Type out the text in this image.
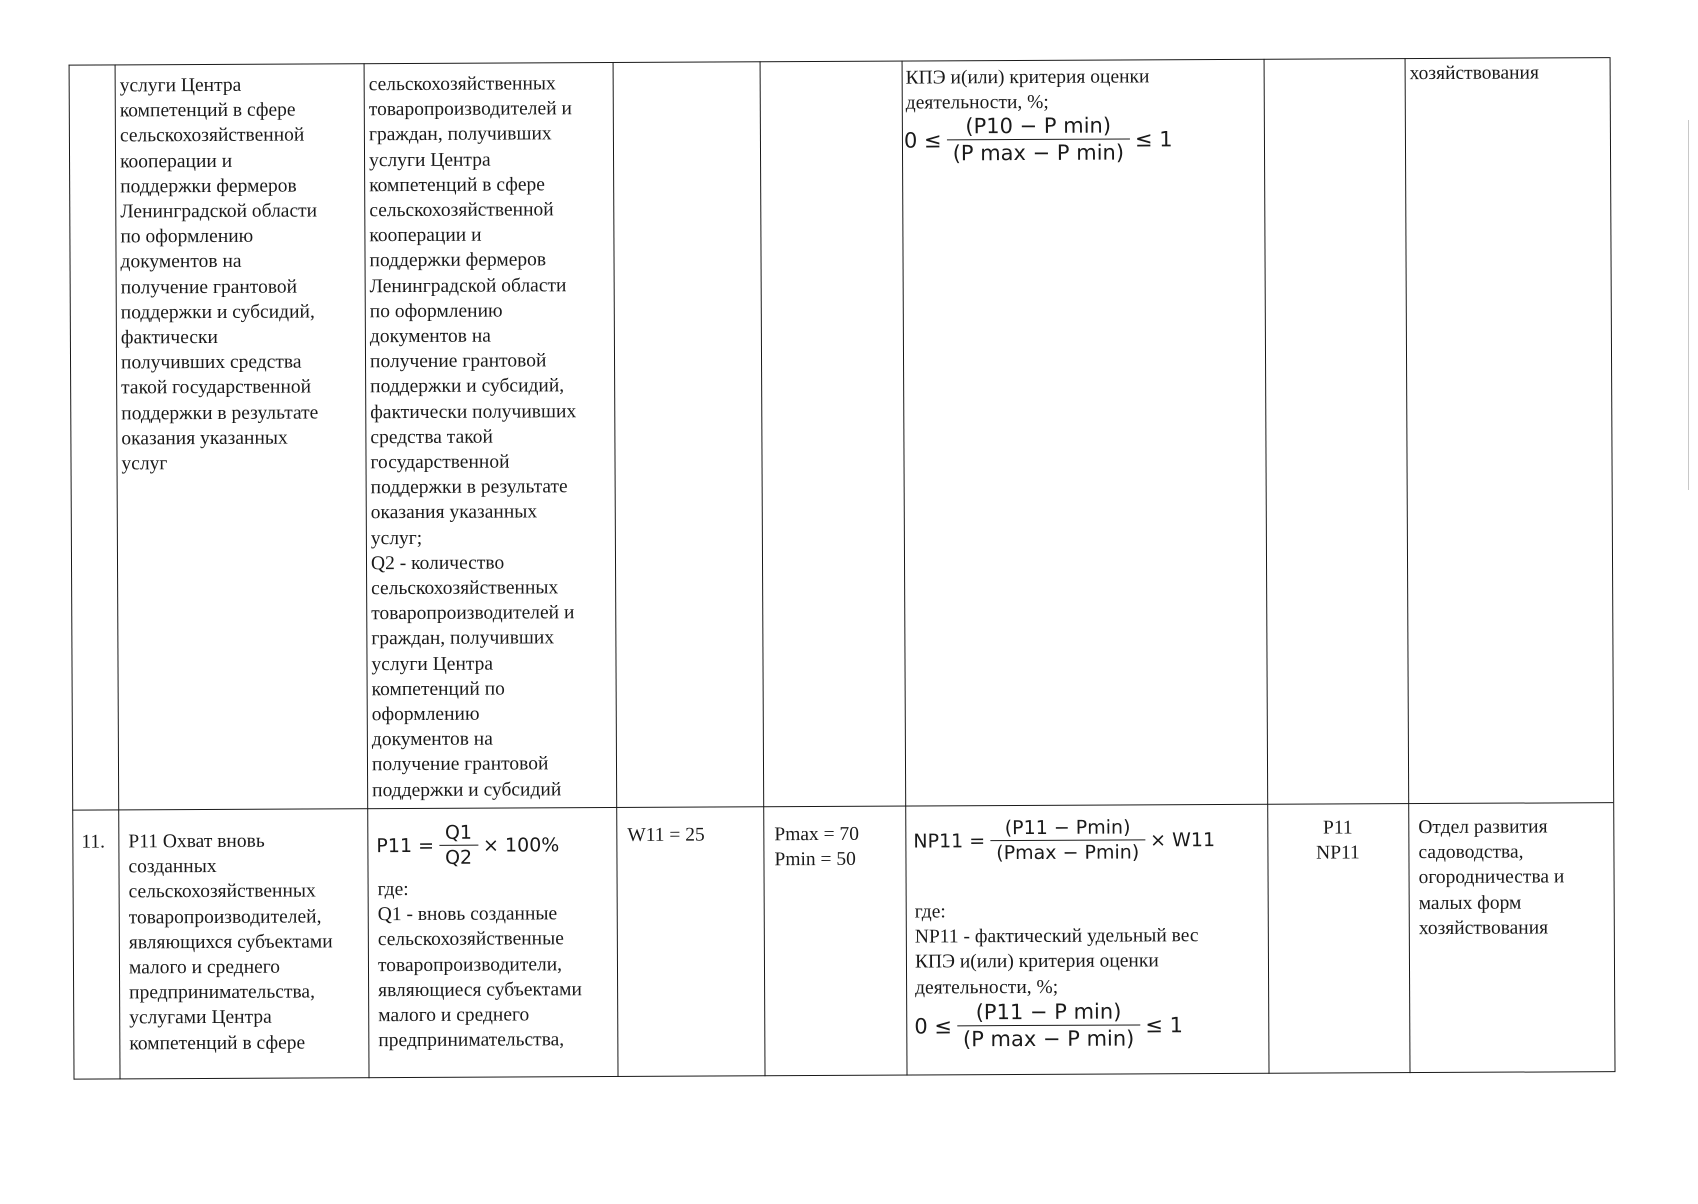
услуги Центра
компетенций в сфере
сельскохозяйственной
кооперации и
поддержки фермеров
Ленинградской области
по оформлению
документов на
получение грантовой
поддержки и субсидий,
фактически
получивших средства
такой государственной
поддержки в результате
оказания указанных
услуг
сельскохозяйственных
товаропроизводителей и
граждан, получивших
услуги Центра
компетенций в сфере
сельскохозяйственной
кооперации и
поддержки фермеров
Ленинградской области
по оформлению
документов на
получение грантовой
поддержки и субсидий,
фактически получивших
средства такой
государственной
поддержки в результате
оказания указанных
услуг;
Q2 - количество
сельскохозяйственных
товаропроизводителей и
граждан, получивших
услуги Центра
компетенций по
оформлению
документов на
получение грантовой
поддержки и субсидий
КПЭ и(или) критерия оценки
деятельности, %;
$0 \le \frac{\text{(P10 − P min)}}{\text{(P max − P min)}} \le 1$
хозяйствования
11. Р11 Охват вновь
созданных
сельскохозяйственных
товаропроизводителей,
являющихся субъектами
малого и среднего
предпринимательства,
услугами Центра
компетенций в сфере
$P11 = \frac{Q1}{Q2} \times 100\%$
где:
Q1 - вновь созданные
сельскохозяйственные
товаропроизводители,
являющиеся субъектами
малого и среднего
предпринимательства,
W11 = 25	Pmax = 70
Pmin = 50
$NP11 = \frac{(P11 - Pmin)}{(Pmax - Pmin)} \times W11$
где:
NP11 - фактический удельный вес
КПЭ и(или) критерия оценки
деятельности, %;
$0 \le \frac{\text{(P11 − P min)}}{\text{(P max − P min)}} \le 1$
P11
NP11
Отдел развития
садоводства,
огородничества и
малых форм
хозяйствования
